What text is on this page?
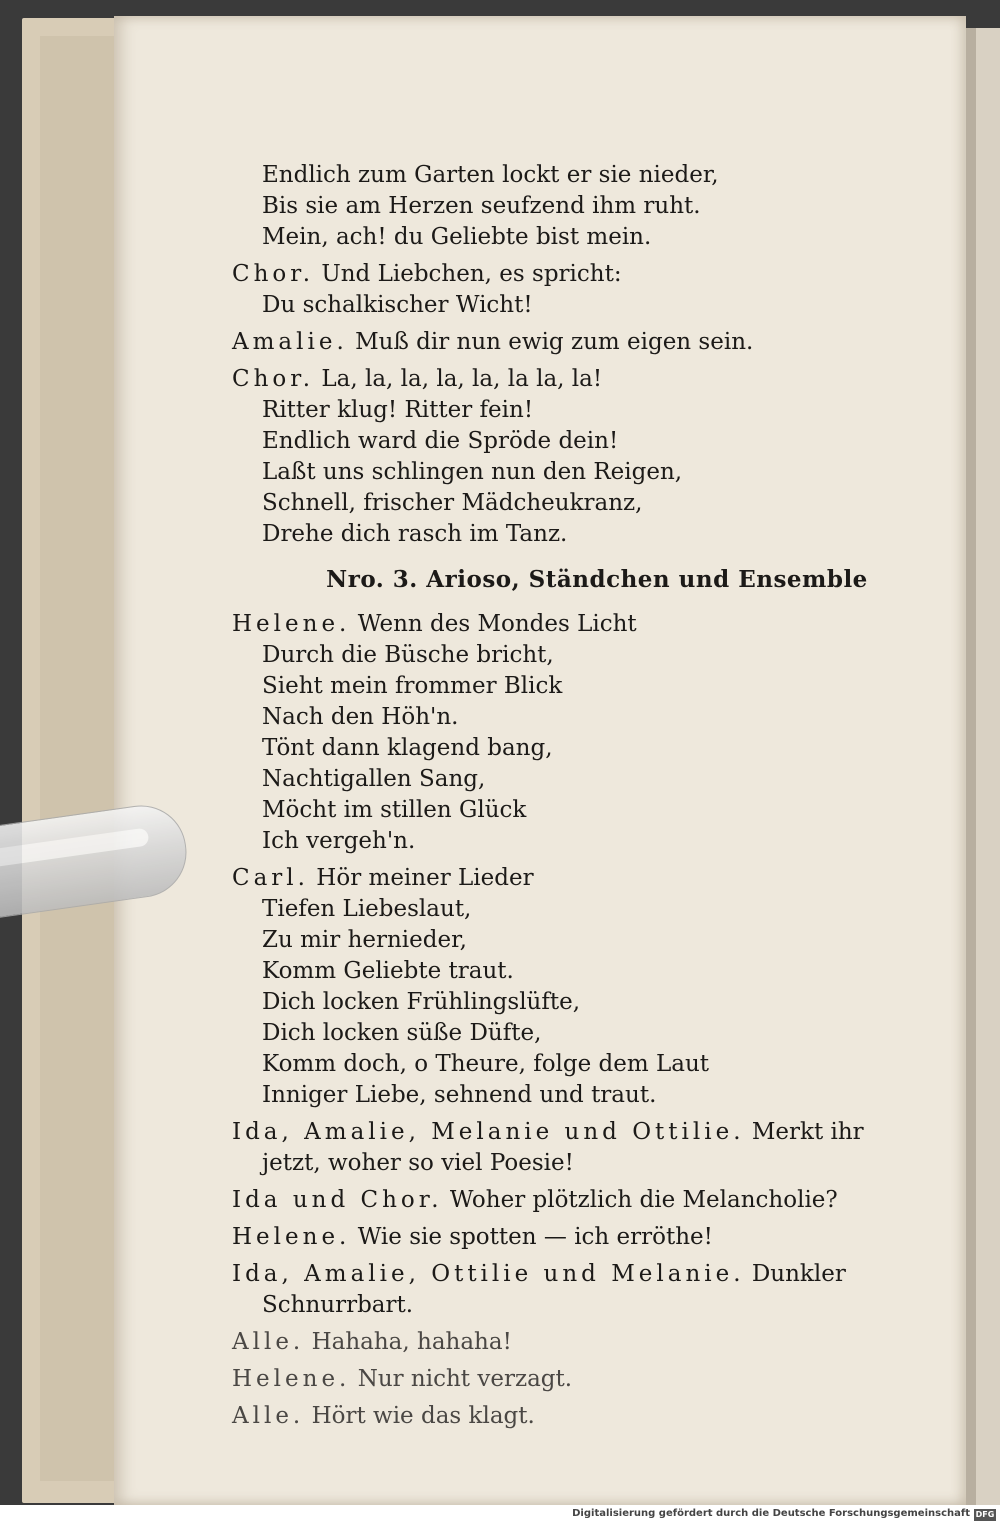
Endlich zum Garten lockt er sie nieder,
Bis sie am Herzen seufzend ihm ruht.
Mein, ach! du Geliebte bist mein.
Chor. Und Liebchen, es spricht:
Du schalkischer Wicht!
Amalie. Muß dir nun ewig zum eigen sein.
Chor. La, la, la, la, la, la la, la!
Ritter klug! Ritter fein!
Endlich ward die Spröde dein!
Laßt uns schlingen nun den Reigen,
Schnell, frischer Mädcheukranz,
Drehe dich rasch im Tanz.
Nro. 3. Arioso, Ständchen und Ensemble
Helene. Wenn des Mondes Licht
Durch die Büsche bricht,
Sieht mein frommer Blick
Nach den Höh'n.
Tönt dann klagend bang,
Nachtigallen Sang,
Möcht im stillen Glück
Ich vergeh'n.
Carl. Hör meiner Lieder
Tiefen Liebeslaut,
Zu mir hernieder,
Komm Geliebte traut.
Dich locken Frühlingslüfte,
Dich locken süße Düfte,
Komm doch, o Theure, folge dem Laut
Inniger Liebe, sehnend und traut.
Ida, Amalie, Melanie und Ottilie. Merkt ihr
jetzt, woher so viel Poesie!
Ida und Chor. Woher plötzlich die Melancholie?
Helene. Wie sie spotten — ich erröthe!
Ida, Amalie, Ottilie und Melanie. Dunkler
Schnurrbart.
Alle. Hahaha, hahaha!
Helene. Nur nicht verzagt.
Alle. Hört wie das klagt.
Digitalisierung gefördert durch die Deutsche Forschungsgemeinschaft DFG
